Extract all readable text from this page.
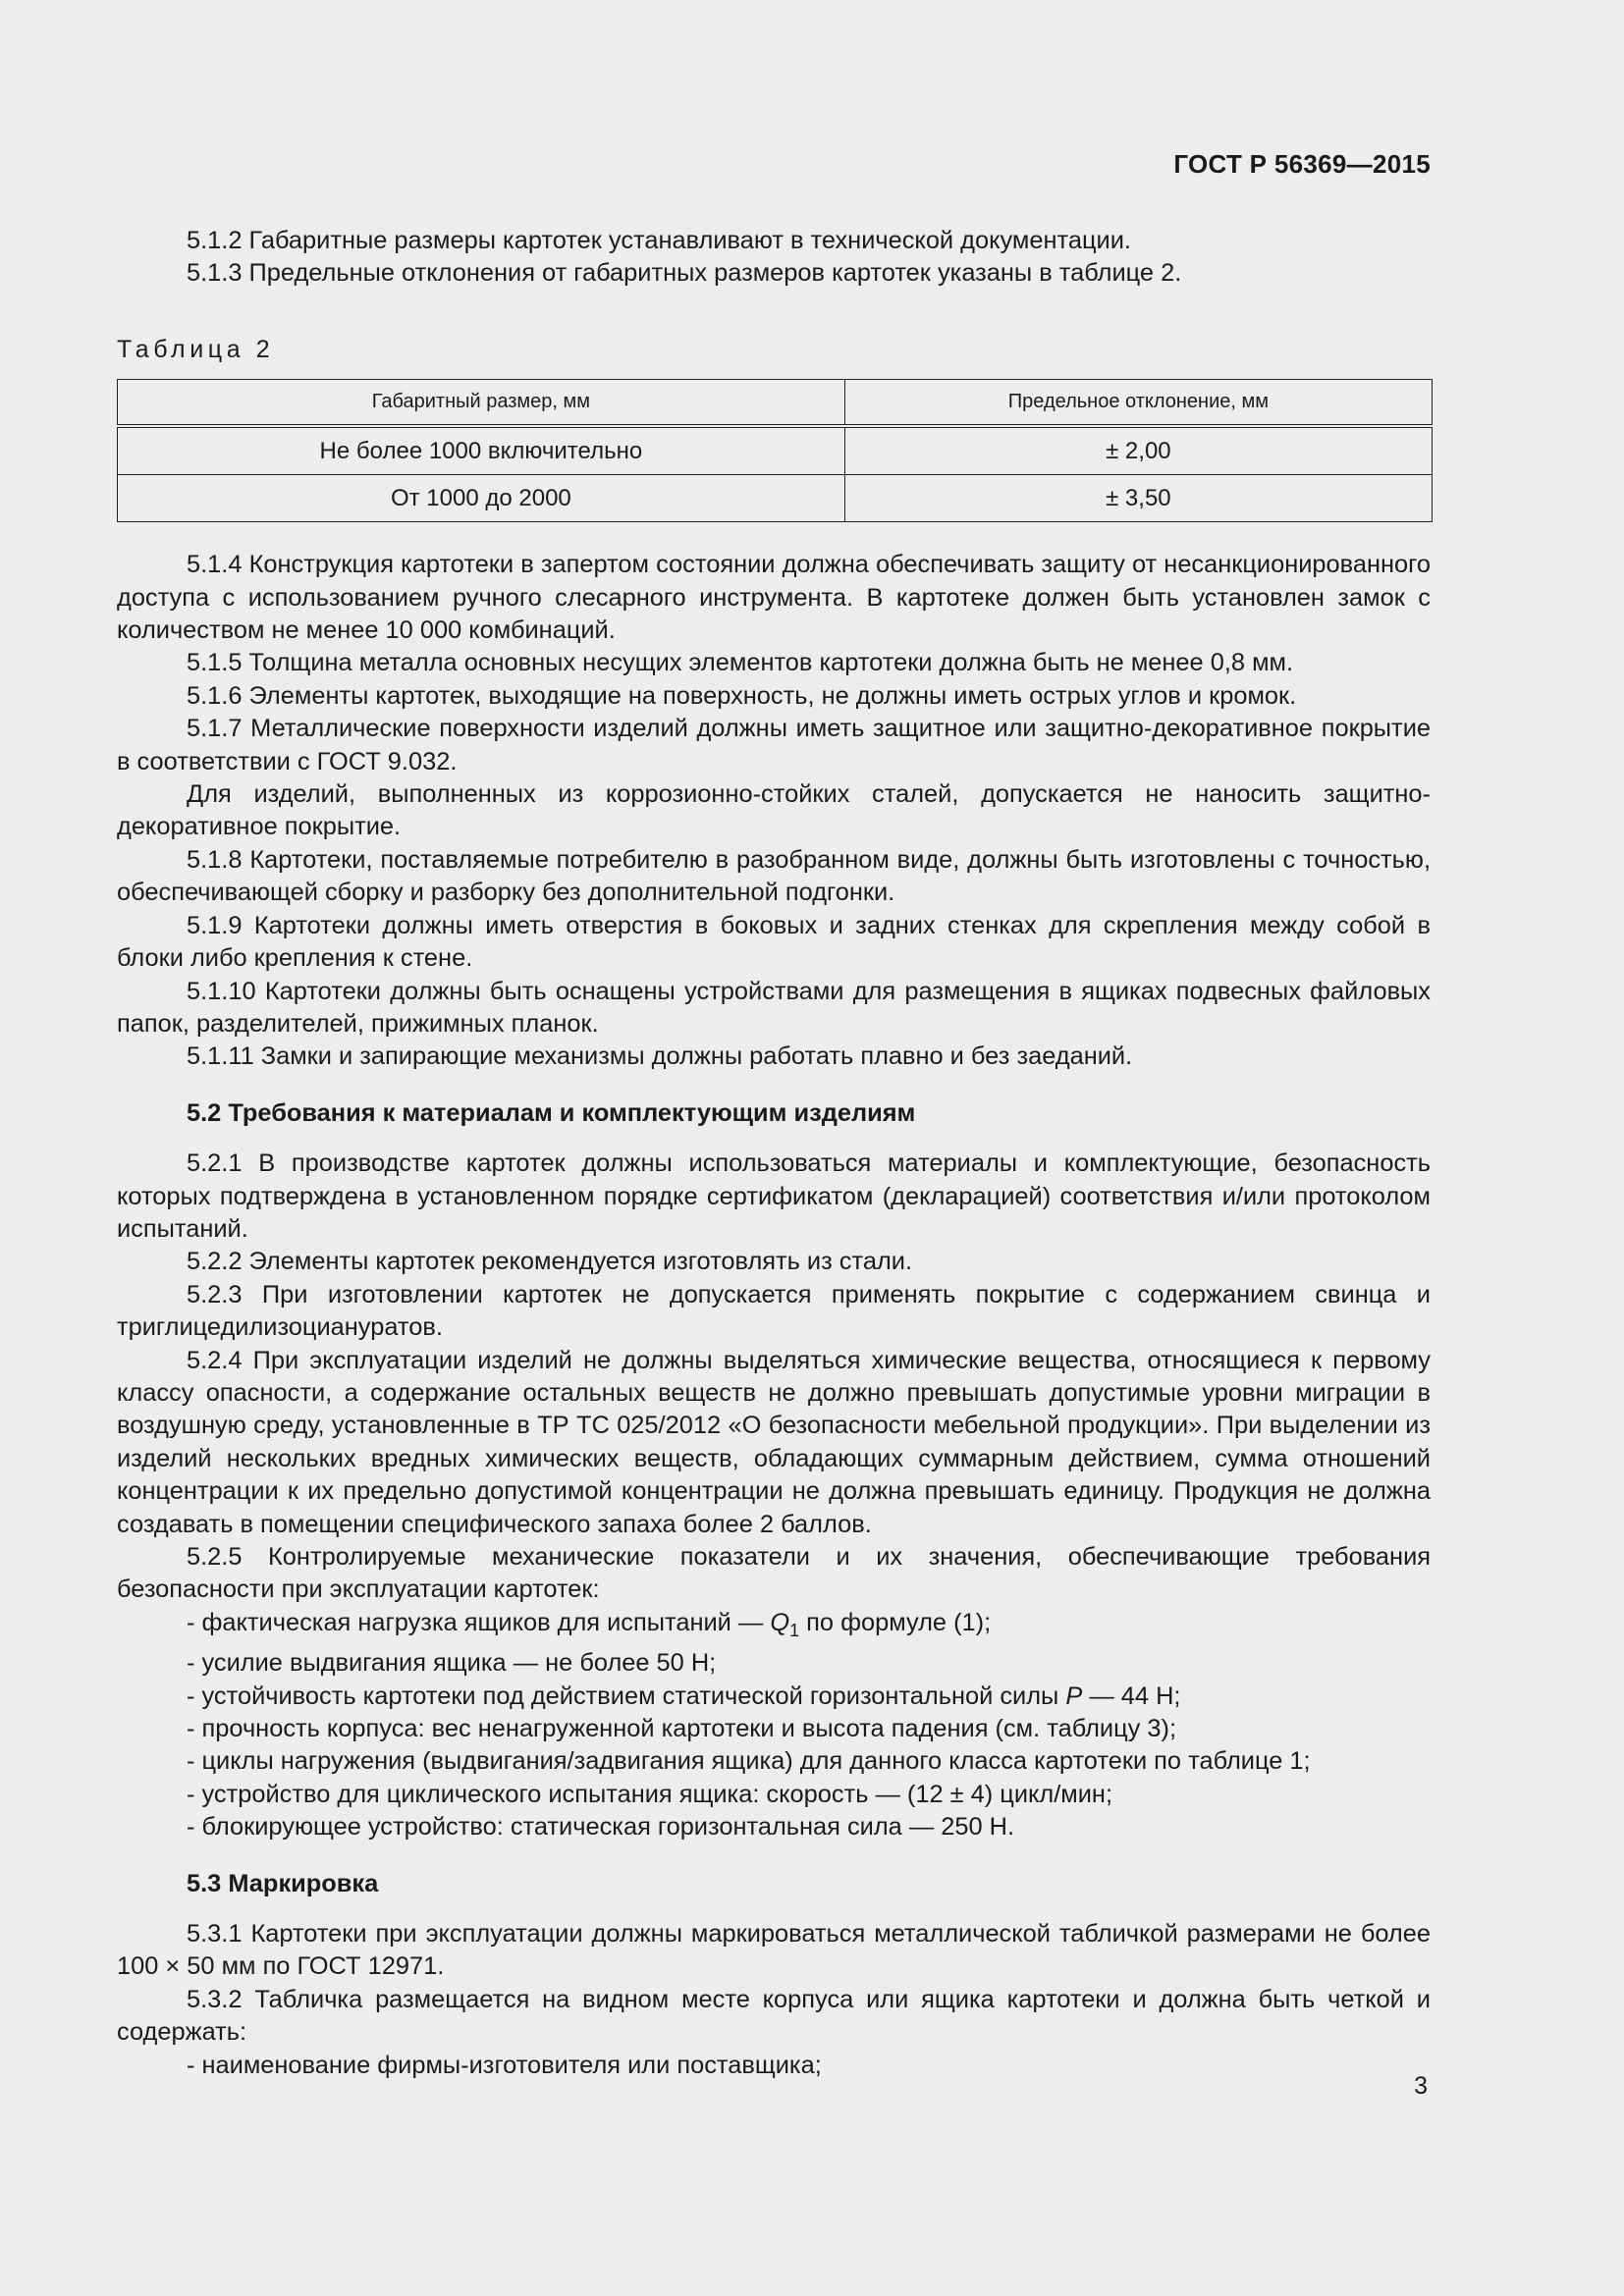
ГОСТ Р 56369—2015

5.1.2 Габаритные размеры картотек устанавливают в технической документации.

5.1.3 Предельные отклонения от габаритных размеров картотек указаны в таблице 2.

Таблица 2
Габаритный размер, мм	Предельное отклонение, мм
Не более 1000 включительно	± 2,00
От 1000 до 2000	± 3,50

5.1.4 Конструкция картотеки в запертом состоянии должна обеспечивать защиту от несанкционированного доступа с использованием ручного слесарного инструмента. В картотеке должен быть установлен замок с количеством не менее 10 000 комбинаций.

5.1.5 Толщина металла основных несущих элементов картотеки должна быть не менее 0,8 мм.

5.1.6 Элементы картотек, выходящие на поверхность, не должны иметь острых углов и кромок.

5.1.7 Металлические поверхности изделий должны иметь защитное или защитно-декоративное покрытие в соответствии с ГОСТ 9.032.

Для изделий, выполненных из коррозионно-стойких сталей, допускается не наносить защитно-декоративное покрытие.

5.1.8 Картотеки, поставляемые потребителю в разобранном виде, должны быть изготовлены с точностью, обеспечивающей сборку и разборку без дополнительной подгонки.

5.1.9 Картотеки должны иметь отверстия в боковых и задних стенках для скрепления между собой в блоки либо крепления к стене.

5.1.10 Картотеки должны быть оснащены устройствами для размещения в ящиках подвесных файловых папок, разделителей, прижимных планок.

5.1.11 Замки и запирающие механизмы должны работать плавно и без заеданий.

5.2 Требования к материалам и комплектующим изделиям

5.2.1 В производстве картотек должны использоваться материалы и комплектующие, безопасность которых подтверждена в установленном порядке сертификатом (декларацией) соответствия и/или протоколом испытаний.

5.2.2 Элементы картотек рекомендуется изготовлять из стали.

5.2.3 При изготовлении картотек не допускается применять покрытие с содержанием свинца и триглицедилизоциануратов.

5.2.4 При эксплуатации изделий не должны выделяться химические вещества, относящиеся к первому классу опасности, а содержание остальных веществ не должно превышать допустимые уровни миграции в воздушную среду, установленные в ТР ТС 025/2012 «О безопасности мебельной продукции». При выделении из изделий нескольких вредных химических веществ, обладающих суммарным действием, сумма отношений концентрации к их предельно допустимой концентрации не должна превышать единицу. Продукция не должна создавать в помещении специфического запаха более 2 баллов.

5.2.5 Контролируемые механические показатели и их значения, обеспечивающие требования безопасности при эксплуатации картотек:

- фактическая нагрузка ящиков для испытаний — $Q_1$ по формуле (1);

- усилие выдвигания ящика — не более 50 Н;

- устойчивость картотеки под действием статической горизонтальной силы P — 44 Н;

- прочность корпуса: вес ненагруженной картотеки и высота падения (см. таблицу 3);

- циклы нагружения (выдвигания/задвигания ящика) для данного класса картотеки по таблице 1;

- устройство для циклического испытания ящика: скорость — (12 ± 4) цикл/мин;

- блокирующее устройство: статическая горизонтальная сила — 250 Н.

5.3 Маркировка

5.3.1 Картотеки при эксплуатации должны маркироваться металлической табличкой размерами не более 100 × 50 мм по ГОСТ 12971.

5.3.2 Табличка размещается на видном месте корпуса или ящика картотеки и должна быть четкой и содержать:

- наименование фирмы-изготовителя или поставщика;

3
